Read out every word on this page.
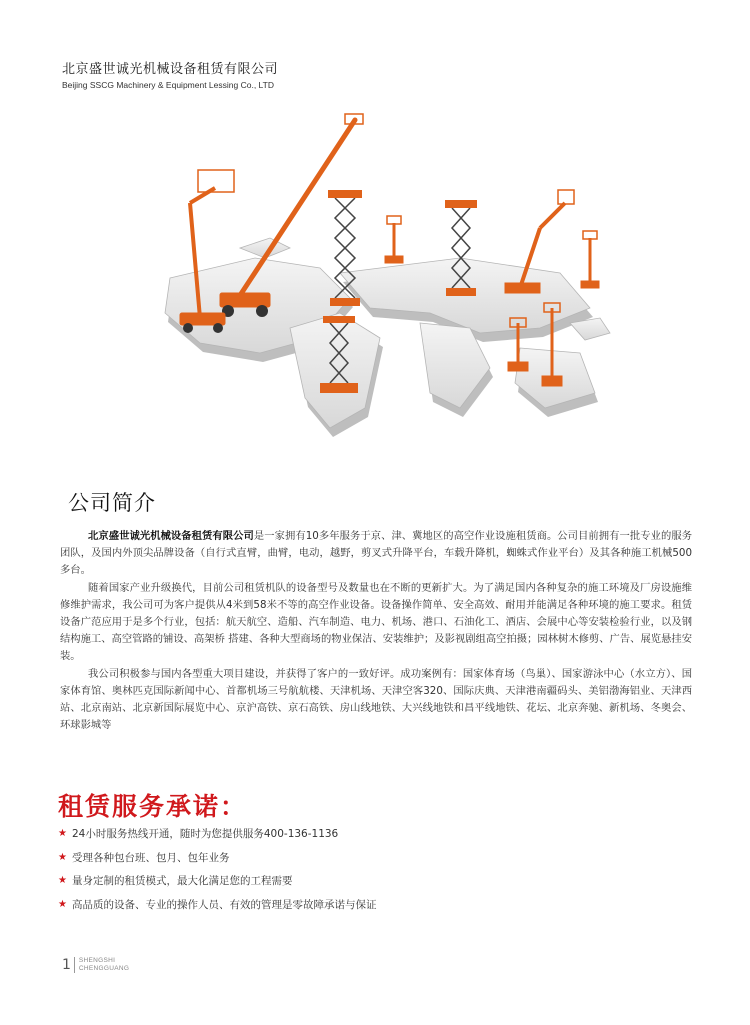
北京盛世诚光机械设备租赁有限公司
Beijing SSCG Machinery & Equipment Lessing Co., LTD
公司简介

北京盛世诚光机械设备租赁有限公司是一家拥有10多年服务于京、津、冀地区的高空作业设施租赁商。公司目前拥有一批专业的服务团队，及国内外顶尖品牌设备（自行式直臂，曲臂，电动，越野，剪叉式升降平台，车载升降机，蜘蛛式作业平台）及其各种施工机械500多台。

随着国家产业升级换代，目前公司租赁机队的设备型号及数量也在不断的更新扩大。为了满足国内各种复杂的施工环境及厂房设施维修维护需求，我公司可为客户提供从4米到58米不等的高空作业设备。设备操作简单、安全高效、耐用并能满足各种环境的施工要求。租赁设备广范应用于是多个行业，包括：航天航空、造船、汽车制造、电力、机场、港口、石油化工、酒店、会展中心等安装检验行业，以及钢结构施工、高空管路的铺设、高架桥 搭建、各种大型商场的物业保洁、安装维护；及影视剧组高空拍摄；园林树木修剪、广告、展览悬挂安装。

我公司积极参与国内各型重大项目建设，并获得了客户的一致好评。成功案例有：国家体育场（鸟巢）、国家游泳中心（水立方）、国家体育馆、奥林匹克国际新闻中心、首都机场三号航航楼、天津机场、天津空客320、国际庆典、天津港南疆码头、美铝渤海铝业、天津西站、北京南站、北京新国际展览中心、京沪高铁、京石高铁、房山线地铁、大兴线地铁和昌平线地铁、花坛、北京奔驰、新机场、冬奥会、环球影城等

租赁服务承诺：
★ 24小时服务热线开通，随时为您提供服务400-136-1136
★ 受理各种包台班、包月、包年业务
★ 量身定制的租赁模式，最大化满足您的工程需要
★ 高品质的设备、专业的操作人员、有效的管理是零故障承诺与保证
1	SHENGSHI
CHENGGUANG
